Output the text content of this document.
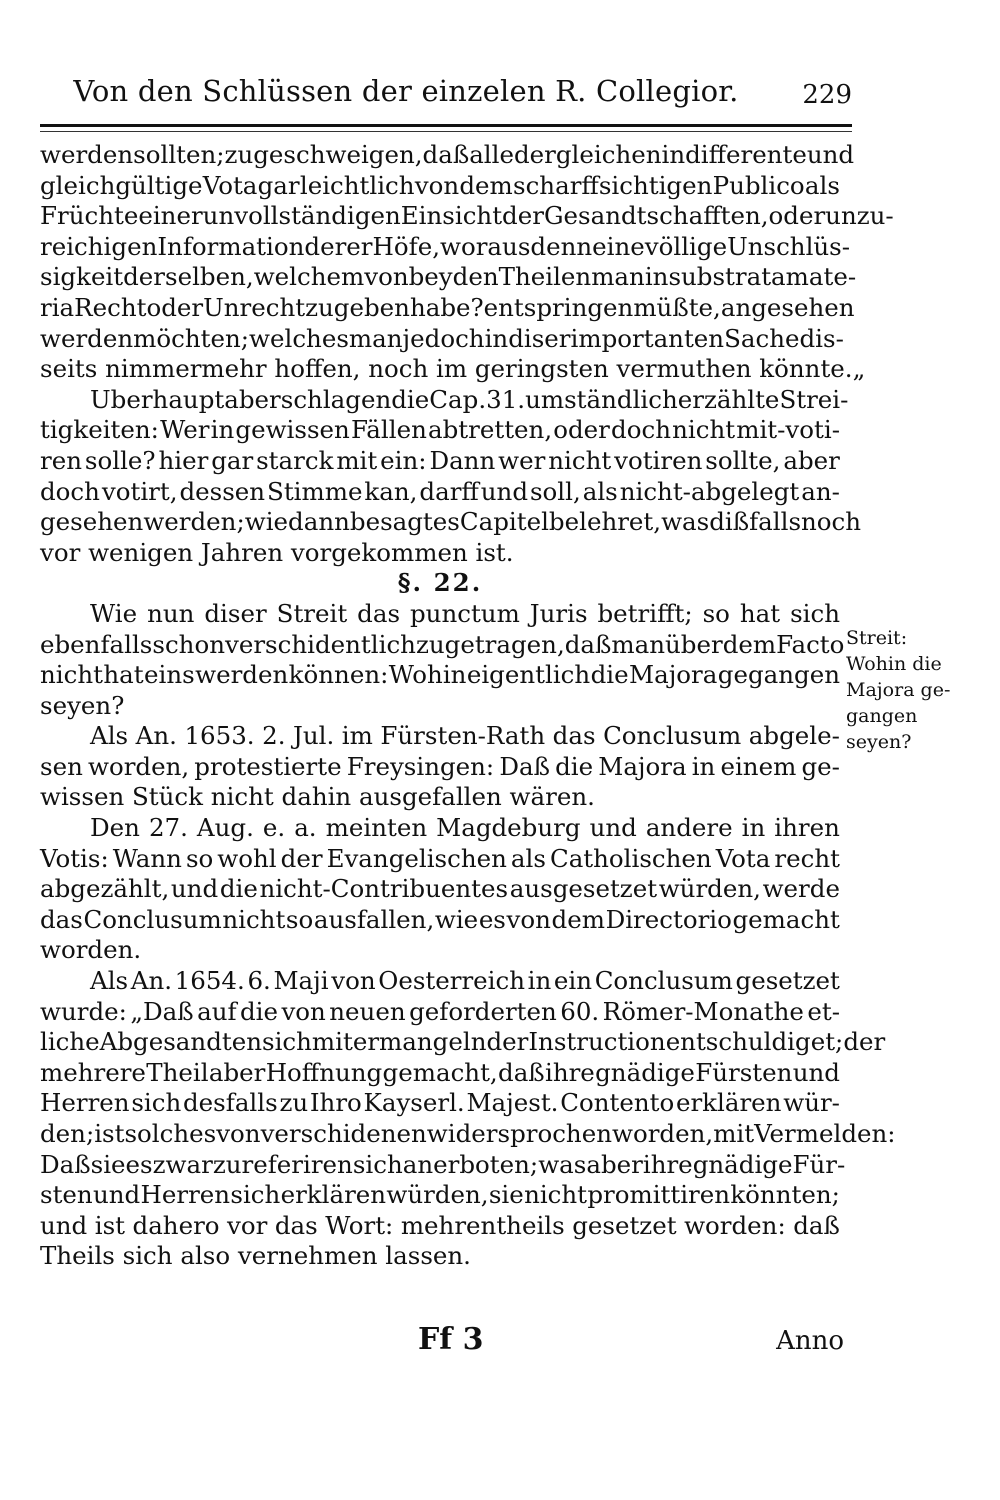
Von den Schlüssen der einzelen R. Collegior.	229
werden sollten; zu geschweigen, daß alle dergleichen indifferente und
gleichgültige Vota gar leichtlich von dem scharffsichtigen Publico als
Früchte einer unvollständigen Einsicht der Gesandtschafften, oder unzu-
reichigen Information derer Höfe, woraus denn eine völlige Unschlüs-
sigkeit derselben, welchem von beyden Theilen man in substrata mate-
ria Recht oder Unrecht zu geben habe? entspringen müßte, angesehen
werden möchten; welches man jedoch in diser importanten Sache dis-
seits nimmermehr hoffen, noch im geringsten vermuthen könnte.„
Uberhaupt aber schlagen die Cap. 31. umständlich erzählte Strei-
tigkeiten: Wer in gewissen Fällen abtretten, oder doch nicht mit-voti-
ren solle? hier gar starck mit ein: Dann wer nicht votiren sollte, aber
doch votirt, dessen Stimme kan, darff und soll, als nicht-abgelegt an-
gesehen werden; wie dann besagtes Capitel belehret, was dißfalls noch
vor wenigen Jahren vorgekommen ist.
§. 22.
Wie nun diser Streit das punctum Juris betrifft; so hat sich
ebenfalls schon verschidentlich zugetragen, daß man über dem Facto
nicht hat eins werden können: Wohin eigentlich die Majora gegangen
seyen?
Als An. 1653. 2. Jul. im Fürsten-Rath das Conclusum abgele-
sen worden, protestierte Freysingen: Daß die Majora in einem ge-
wissen Stück nicht dahin ausgefallen wären.
Den 27. Aug. e. a. meinten Magdeburg und andere in ihren
Votis: Wann so wohl der Evangelischen als Catholischen Vota recht
abgezählt, und die nicht-Contribuentes ausgesetzet würden, werde
das Conclusum nicht so ausfallen, wie es von dem Directorio gemacht
worden.
Als An. 1654. 6. Maji von Oesterreich in ein Conclusum gesetzet
wurde: „Daß auf die von neuen geforderten 60. Römer-Monathe et-
liche Abgesandten sich mit ermangelnder Instruction entschuldiget; der
mehrere Theil aber Hoffnung gemacht, daß ihre gnädige Fürsten und
Herren sich desfalls zu Ihro Kayserl. Majest. Contento erklären wür-
den; ist solches von verschidenen widersprochen worden, mit Vermelden:
Daß sie es zwar zu referiren sich anerboten; was aber ihre gnädige Für-
sten und Herren sich erklären würden, sie nicht promittiren könnten;
und ist dahero vor das Wort: mehrentheils gesetzet worden: daß
Theils sich also vernehmen lassen.
Streit:
Wohin die
Majora ge-
gangen
seyen?
Ff 3	Anno
